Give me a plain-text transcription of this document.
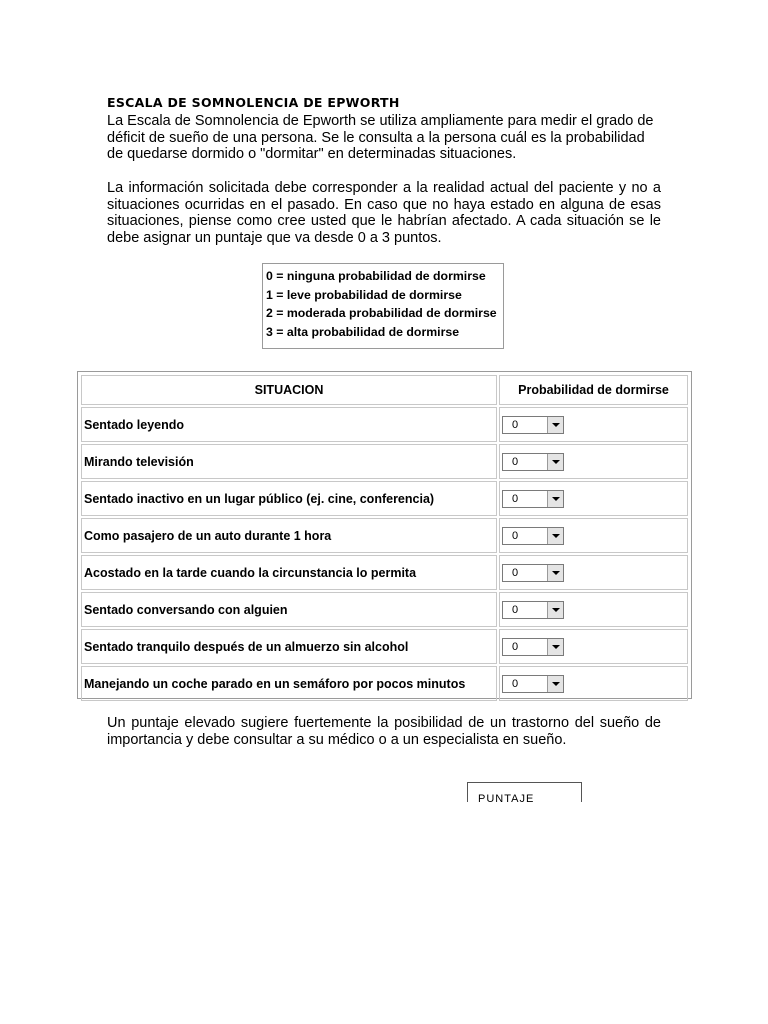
ESCALA DE SOMNOLENCIA DE EPWORTH
La Escala de Somnolencia de Epworth se utiliza ampliamente para medir el grado de déficit de sueño de una persona. Se le consulta a la persona cuál es la probabilidad de quedarse dormido o "dormitar" en determinadas situaciones.
La información solicitada debe corresponder a la realidad actual del paciente y no a situaciones ocurridas en el pasado. En caso que no haya estado en alguna de esas situaciones, piense como cree usted que le habrían afectado. A cada situación se le debe asignar un puntaje que va desde 0 a 3 puntos.
0 = ninguna probabilidad de dormirse
1 = leve probabilidad de dormirse
2 = moderada probabilidad de dormirse
3 = alta probabilidad de dormirse
SITUACION	Probabilidad de dormirse
Sentado leyendo	0

Mirando televisión	0

Sentado inactivo en un lugar público (ej. cine, conferencia)	0

Como pasajero de un auto durante 1 hora	0

Acostado en la tarde cuando la circunstancia lo permita	0

Sentado conversando con alguien	0

Sentado tranquilo después de un almuerzo sin alcohol	0

Manejando un coche parado en un semáforo por pocos minutos	0
Un puntaje elevado sugiere fuertemente la posibilidad de un trastorno del sueño de importancia y debe consultar a su médico o a un especialista en sueño.
PUNTAJE
